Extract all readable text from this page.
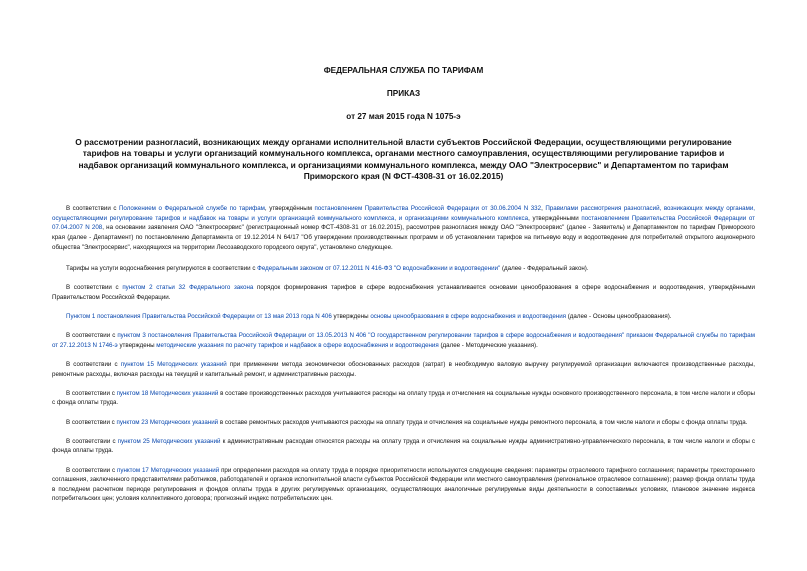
ФЕДЕРАЛЬНАЯ СЛУЖБА ПО ТАРИФАМ

ПРИКАЗ

от 27 мая 2015 года N 1075-э

О рассмотрении разногласий, возникающих между органами исполнительной власти субъектов Российской Федерации, осуществляющими регулирование тарифов на товары и услуги организаций коммунального комплекса, органами местного самоуправления, осуществляющими регулирование тарифов и надбавок организаций коммунального комплекса, и организациями коммунального комплекса, между ОАО "Электросервис" и Департаментом по тарифам Приморского края (N ФСТ-4308-31 от 16.02.2015)

В соответствии с Положением о Федеральной службе по тарифам, утверждённым постановлением Правительства Российской Федерации от 30.06.2004 N 332, Правилами рассмотрения разногласий, возникающих между органами, осуществляющими регулирование тарифов и надбавок на товары и услуги организаций коммунального комплекса, и организациями коммунального комплекса, утверждёнными постановлением Правительства Российской Федерации от 07.04.2007 N 208, на основании заявления ОАО "Электросервис" (регистрационный номер ФСТ-4308-31 от 16.02.2015), рассмотрев разногласия между ОАО "Электросервис" (далее - Заявитель) и Департаментом по тарифам Приморского края (далее - Департамент) по постановлению Департамента от 19.12.2014 N 64/17 "Об утверждении производственных программ и об установлении тарифов на питьевую воду и водоотведение для потребителей открытого акционерного общества "Электросервис", находящихся на территории Лесозаводского городского округа", установлено следующее.

Тарифы на услуги водоснабжения регулируются в соответствии с Федеральным законом от 07.12.2011 N 416-ФЗ "О водоснабжении и водоотведении" (далее - Федеральный закон).

В соответствии с пунктом 2 статьи 32 Федерального закона порядок формирования тарифов в сфере водоснабжения устанавливается основами ценообразования в сфере водоснабжения и водоотведения, утверждёнными Правительством Российской Федерации.

Пунктом 1 постановления Правительства Российской Федерации от 13 мая 2013 года N 406 утверждены основы ценообразования в сфере водоснабжения и водоотведения (далее - Основы ценообразования).

В соответствии с пунктом 3 постановления Правительства Российской Федерации от 13.05.2013 N 406 "О государственном регулировании тарифов в сфере водоснабжения и водоотведения" приказом Федеральной службы по тарифам от 27.12.2013 N 1746-э утверждены методические указания по расчету тарифов и надбавок в сфере водоснабжения и водоотведения (далее - Методические указания).

В соответствии с пунктом 15 Методических указаний при применении метода экономически обоснованных расходов (затрат) в необходимую валовую выручку регулируемой организации включаются производственные расходы, ремонтные расходы, включая расходы на текущий и капитальный ремонт, и административные расходы.

В соответствии с пунктом 18 Методических указаний в составе производственных расходов учитываются расходы на оплату труда и отчисления на социальные нужды основного производственного персонала, в том числе налоги и сборы с фонда оплаты труда.

В соответствии с пунктом 23 Методических указаний в составе ремонтных расходов учитываются расходы на оплату труда и отчисления на социальные нужды ремонтного персонала, в том числе налоги и сборы с фонда оплаты труда.

В соответствии с пунктом 25 Методических указаний к административным расходам относятся расходы на оплату труда и отчисления на социальные нужды административно-управленческого персонала, в том числе налоги и сборы с фонда оплаты труда.

В соответствии с пунктом 17 Методических указаний при определении расходов на оплату труда в порядке приоритетности используются следующие сведения: параметры отраслевого тарифного соглашения; параметры трехстороннего соглашения, заключенного представителями работников, работодателей и органов исполнительной власти субъектов Российской Федерации или местного самоуправления (региональное отраслевое соглашение); размер фонда оплаты труда в последнем расчетном периоде регулирования и фондов оплаты труда в других регулируемых организациях, осуществляющих аналогичные регулируемые виды деятельности в сопоставимых условиях, плановое значение индекса потребительских цен; условия коллективного договора; прогнозный индекс потребительских цен.
